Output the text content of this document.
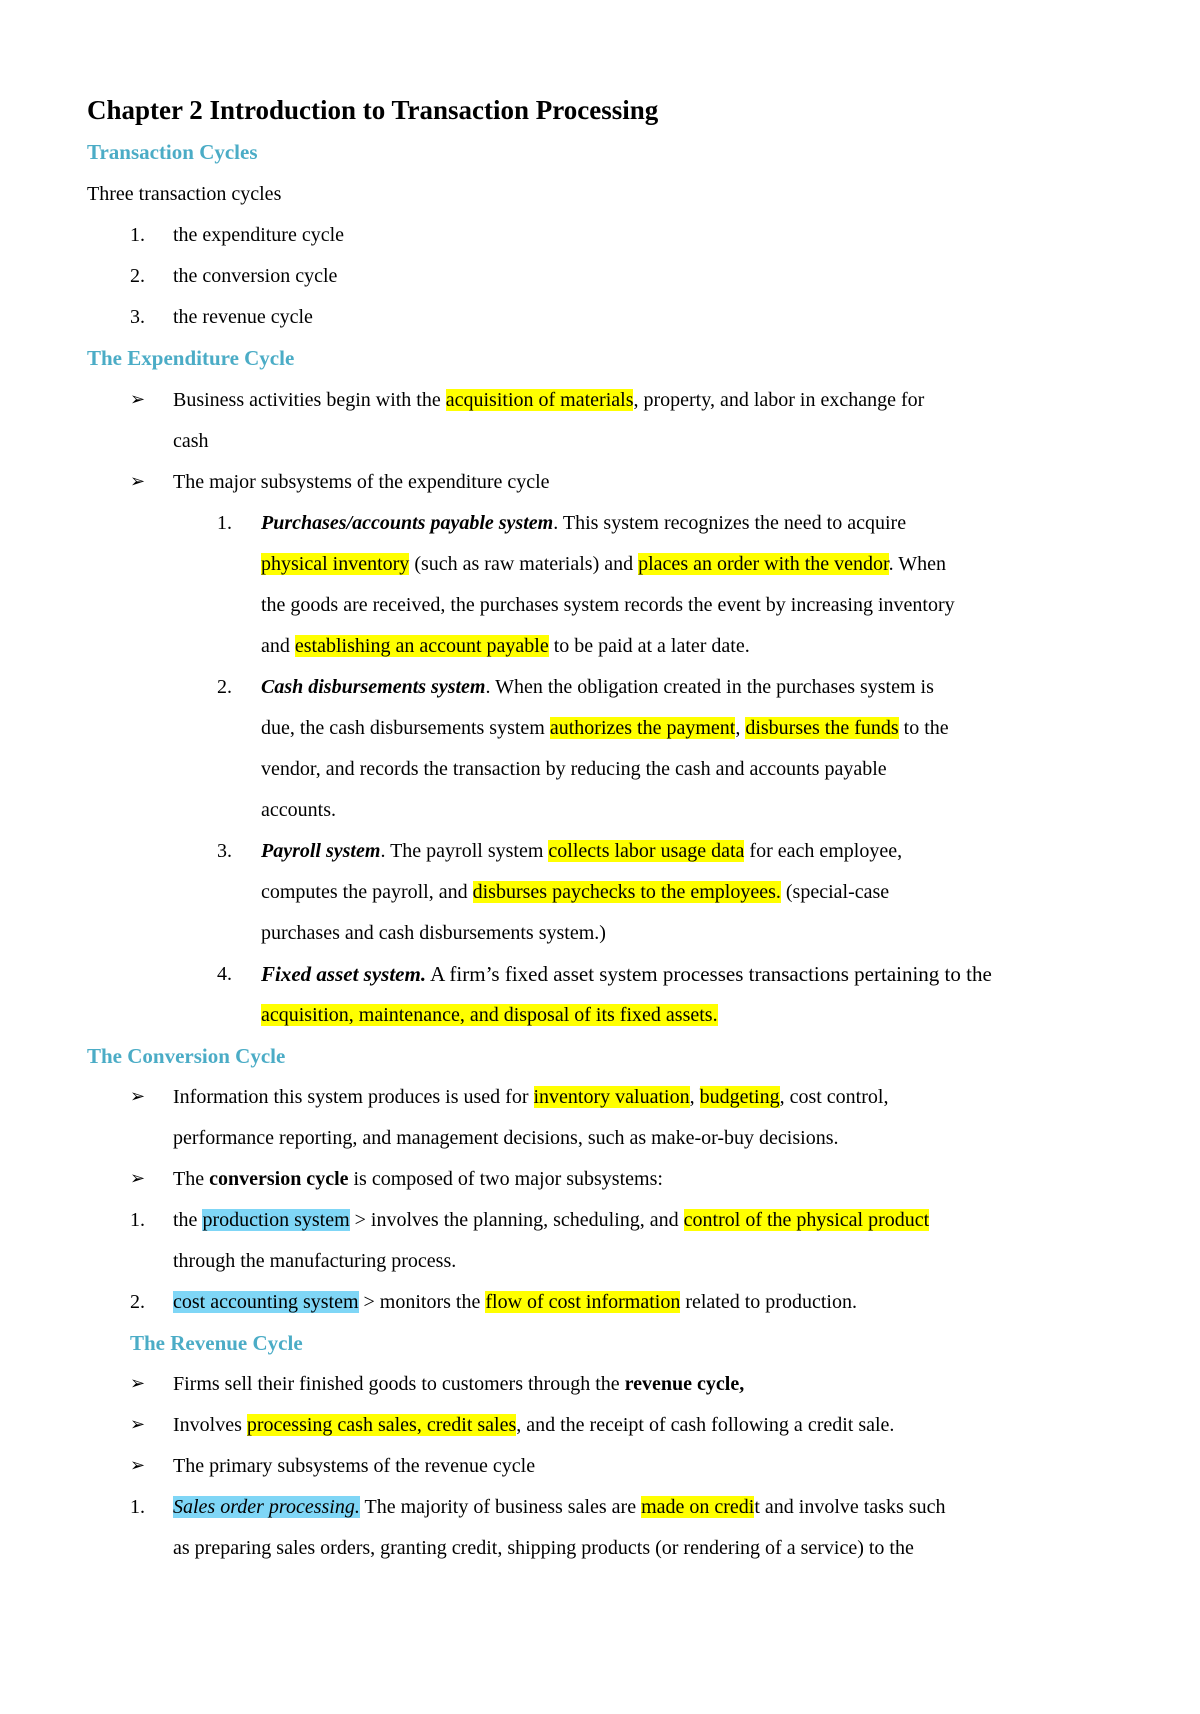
Chapter 2 Introduction to Transaction Processing
Transaction Cycles
Three transaction cycles
1. the expenditure cycle
2. the conversion cycle
3. the revenue cycle
The Expenditure Cycle
➢ Business activities begin with the acquisition of materials, property, and labor in exchange for
cash
➢ The major subsystems of the expenditure cycle
1. Purchases/accounts payable system. This system recognizes the need to acquire
physical inventory (such as raw materials) and places an order with the vendor. When
the goods are received, the purchases system records the event by increasing inventory
and establishing an account payable to be paid at a later date.
2. Cash disbursements system. When the obligation created in the purchases system is
due, the cash disbursements system authorizes the payment, disburses the funds to the
vendor, and records the transaction by reducing the cash and accounts payable
accounts.
3. Payroll system. The payroll system collects labor usage data for each employee,
computes the payroll, and disburses paychecks to the employees. (special-case
purchases and cash disbursements system.)
4. Fixed asset system. A firm’s fixed asset system processes transactions pertaining to the
acquisition, maintenance, and disposal of its fixed assets.
The Conversion Cycle
➢ Information this system produces is used for inventory valuation, budgeting, cost control,
performance reporting, and management decisions, such as make-or-buy decisions.
➢ The conversion cycle is composed of two major subsystems:
1. the production system > involves the planning, scheduling, and control of the physical product
through the manufacturing process.
2. cost accounting system > monitors the flow of cost information related to production.
The Revenue Cycle
➢ Firms sell their finished goods to customers through the revenue cycle,
➢ Involves processing cash sales, credit sales, and the receipt of cash following a credit sale.
➢ The primary subsystems of the revenue cycle
1. Sales order processing. The majority of business sales are made on credit and involve tasks such
as preparing sales orders, granting credit, shipping products (or rendering of a service) to the
